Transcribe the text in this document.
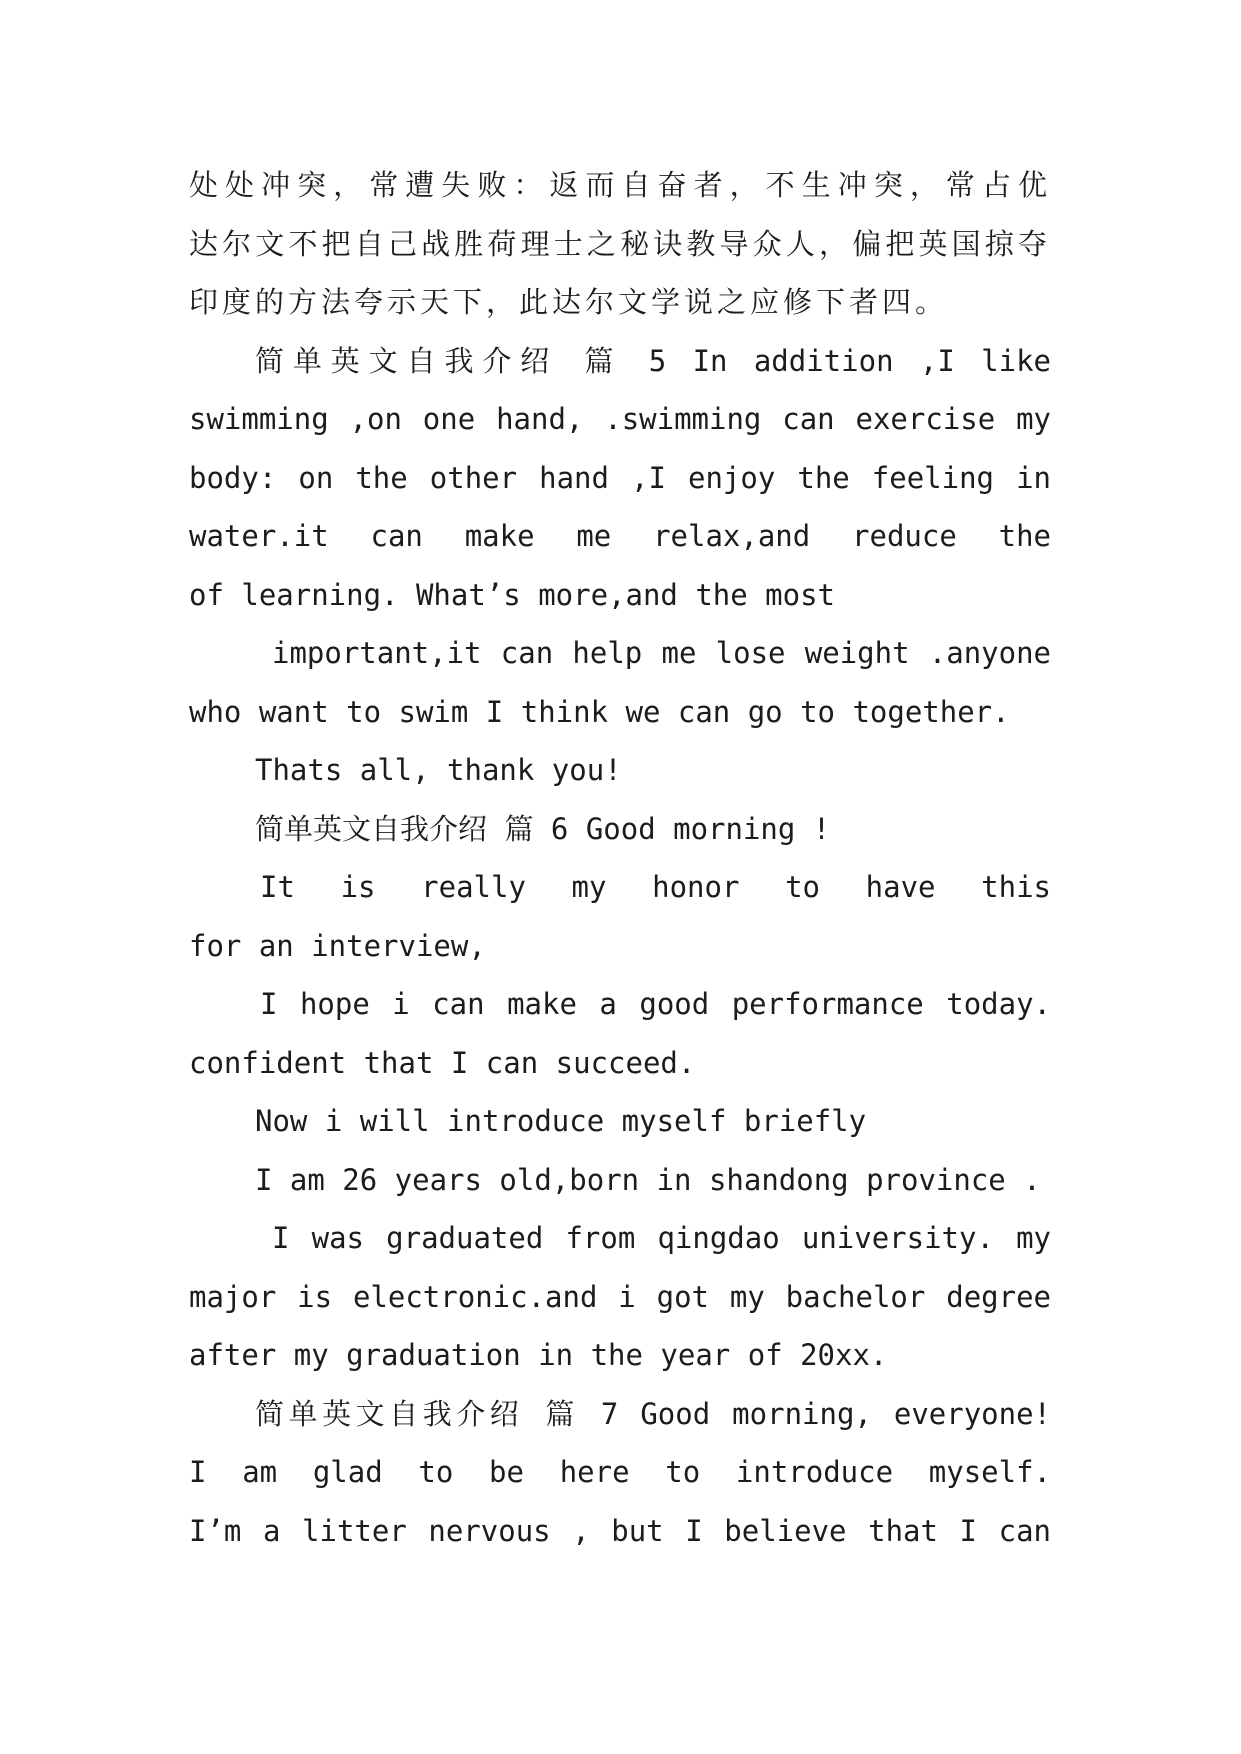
处处冲突，常遭失败：返而自奋者，不生冲突，常占优
达尔文不把自己战胜荷理士之秘诀教导众人，偏把英国掠夺
印度的方法夸示天下，此达尔文学说之应修下者四。
简单英文自我介绍 篇 5 In addition ,I like
swimming ,on one hand, .swimming can exercise my
body: on the other hand ,I enjoy the feeling in
water.it can make me relax,and reduce the
of learning. What’s more,and the most
important,it can help me lose weight .anyone
who want to swim I think we can go to together.
Thats all, thank you!
简单英文自我介绍 篇 6 Good morning !
It is really my honor to have this
for an interview,
I hope i can make a good performance today.
confident that I can succeed.
Now i will introduce myself briefly
I am 26 years old,born in shandong province .
I was graduated from qingdao university. my
major is electronic.and i got my bachelor degree
after my graduation in the year of 20xx.
简单英文自我介绍 篇 7 Good morning, everyone!
I am glad to be here to introduce myself.
I’m a litter nervous , but I believe that I can
